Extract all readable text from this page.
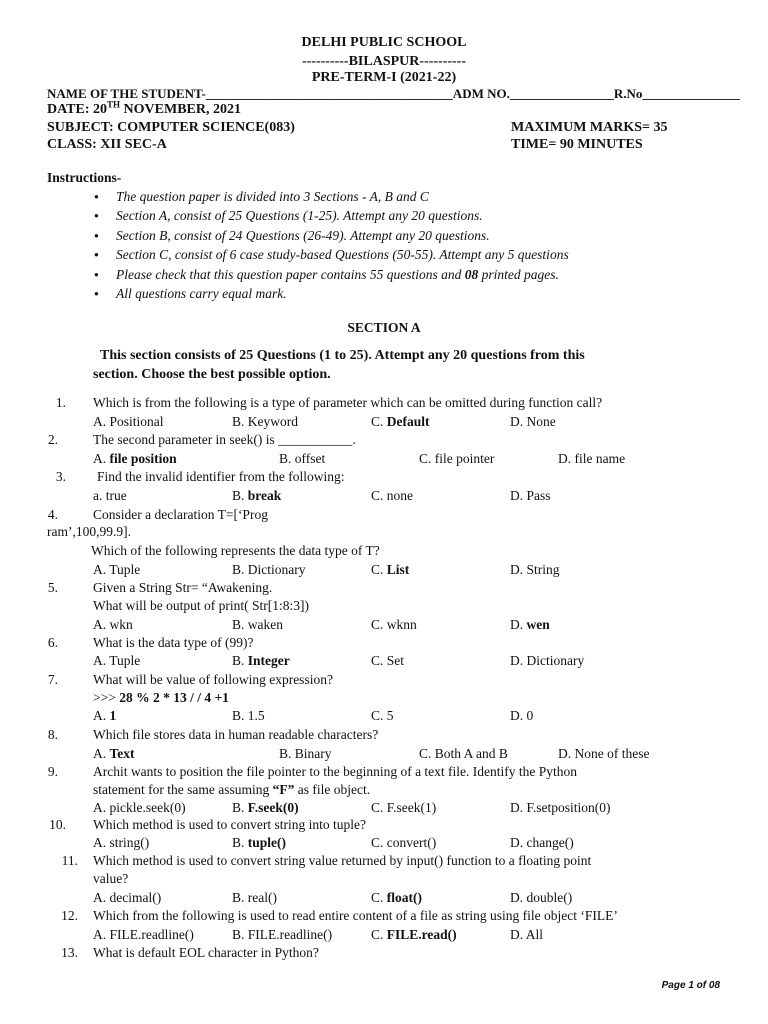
DELHI PUBLIC SCHOOL
----------BILASPUR----------
PRE-TERM-I (2021-22)
NAME OF THE STUDENT-______________________________________ADM NO.________________R.No_______________
DATE: 20TH NOVEMBER, 2021
SUBJECT: COMPUTER SCIENCE(083)	MAXIMUM MARKS= 35
CLASS: XII SEC-A	TIME= 90 MINUTES
Instructions-
● The question paper is divided into 3 Sections - A, B and C
● Section A, consist of 25 Questions (1-25). Attempt any 20 questions.
● Section B, consist of 24 Questions (26-49). Attempt any 20 questions.
● Section C, consist of 6 case study-based Questions (50-55). Attempt any 5 questions
● Please check that this question paper contains 55 questions and 08 printed pages.
● All questions carry equal mark.
SECTION A
This section consists of 25 Questions (1 to 25). Attempt any 20 questions from this
section. Choose the best possible option.
1. Which is from the following is a type of parameter which can be omitted during function call?
A. Positional	B. Keyword	C. Default	D. None
2.	The second parameter in seek() is ___________.
A. file position	B. offset	C. file pointer	D. file name
3. Find the invalid identifier from the following:
a. true	B. break	C. none	D. Pass
4.	Consider a declaration T=[‘Prog
ram’,100,99.9].
Which of the following represents the data type of T?
A. Tuple	B. Dictionary	C. List	D. String
5.	Given a String Str= “Awakening.
What will be output of print( Str[1:8:3])
A. wkn	B. waken	C. wknn	D. wen
6.	What is the data type of (99)?
A. Tuple	B. Integer	C. Set	D. Dictionary
7.	What will be value of following expression?
>>> 28 % 2 * 13 / / 4 +1
A. 1	B. 1.5	C. 5	D. 0
8.	Which file stores data in human readable characters?
A. Text	B. Binary	C. Both A and B	D. None of these
9.	Archit wants to position the file pointer to the beginning of a text file. Identify the Python
statement for the same assuming “F” as file object.
A. pickle.seek(0)	B. F.seek(0)	C. F.seek(1)	D. F.setposition(0)
10. Which method is used to convert string into tuple?
A. string()	B. tuple()	C. convert()	D. change()
11. Which method is used to convert string value returned by input() function to a floating point
value?
A. decimal()	B. real()	C. float()	D. double()
12. Which from the following is used to read entire content of a file as string using file object ‘FILE’
A. FILE.readline()	B. FILE.readline()	C. FILE.read()	D. All
13. What is default EOL character in Python?
Page 1 of 08
